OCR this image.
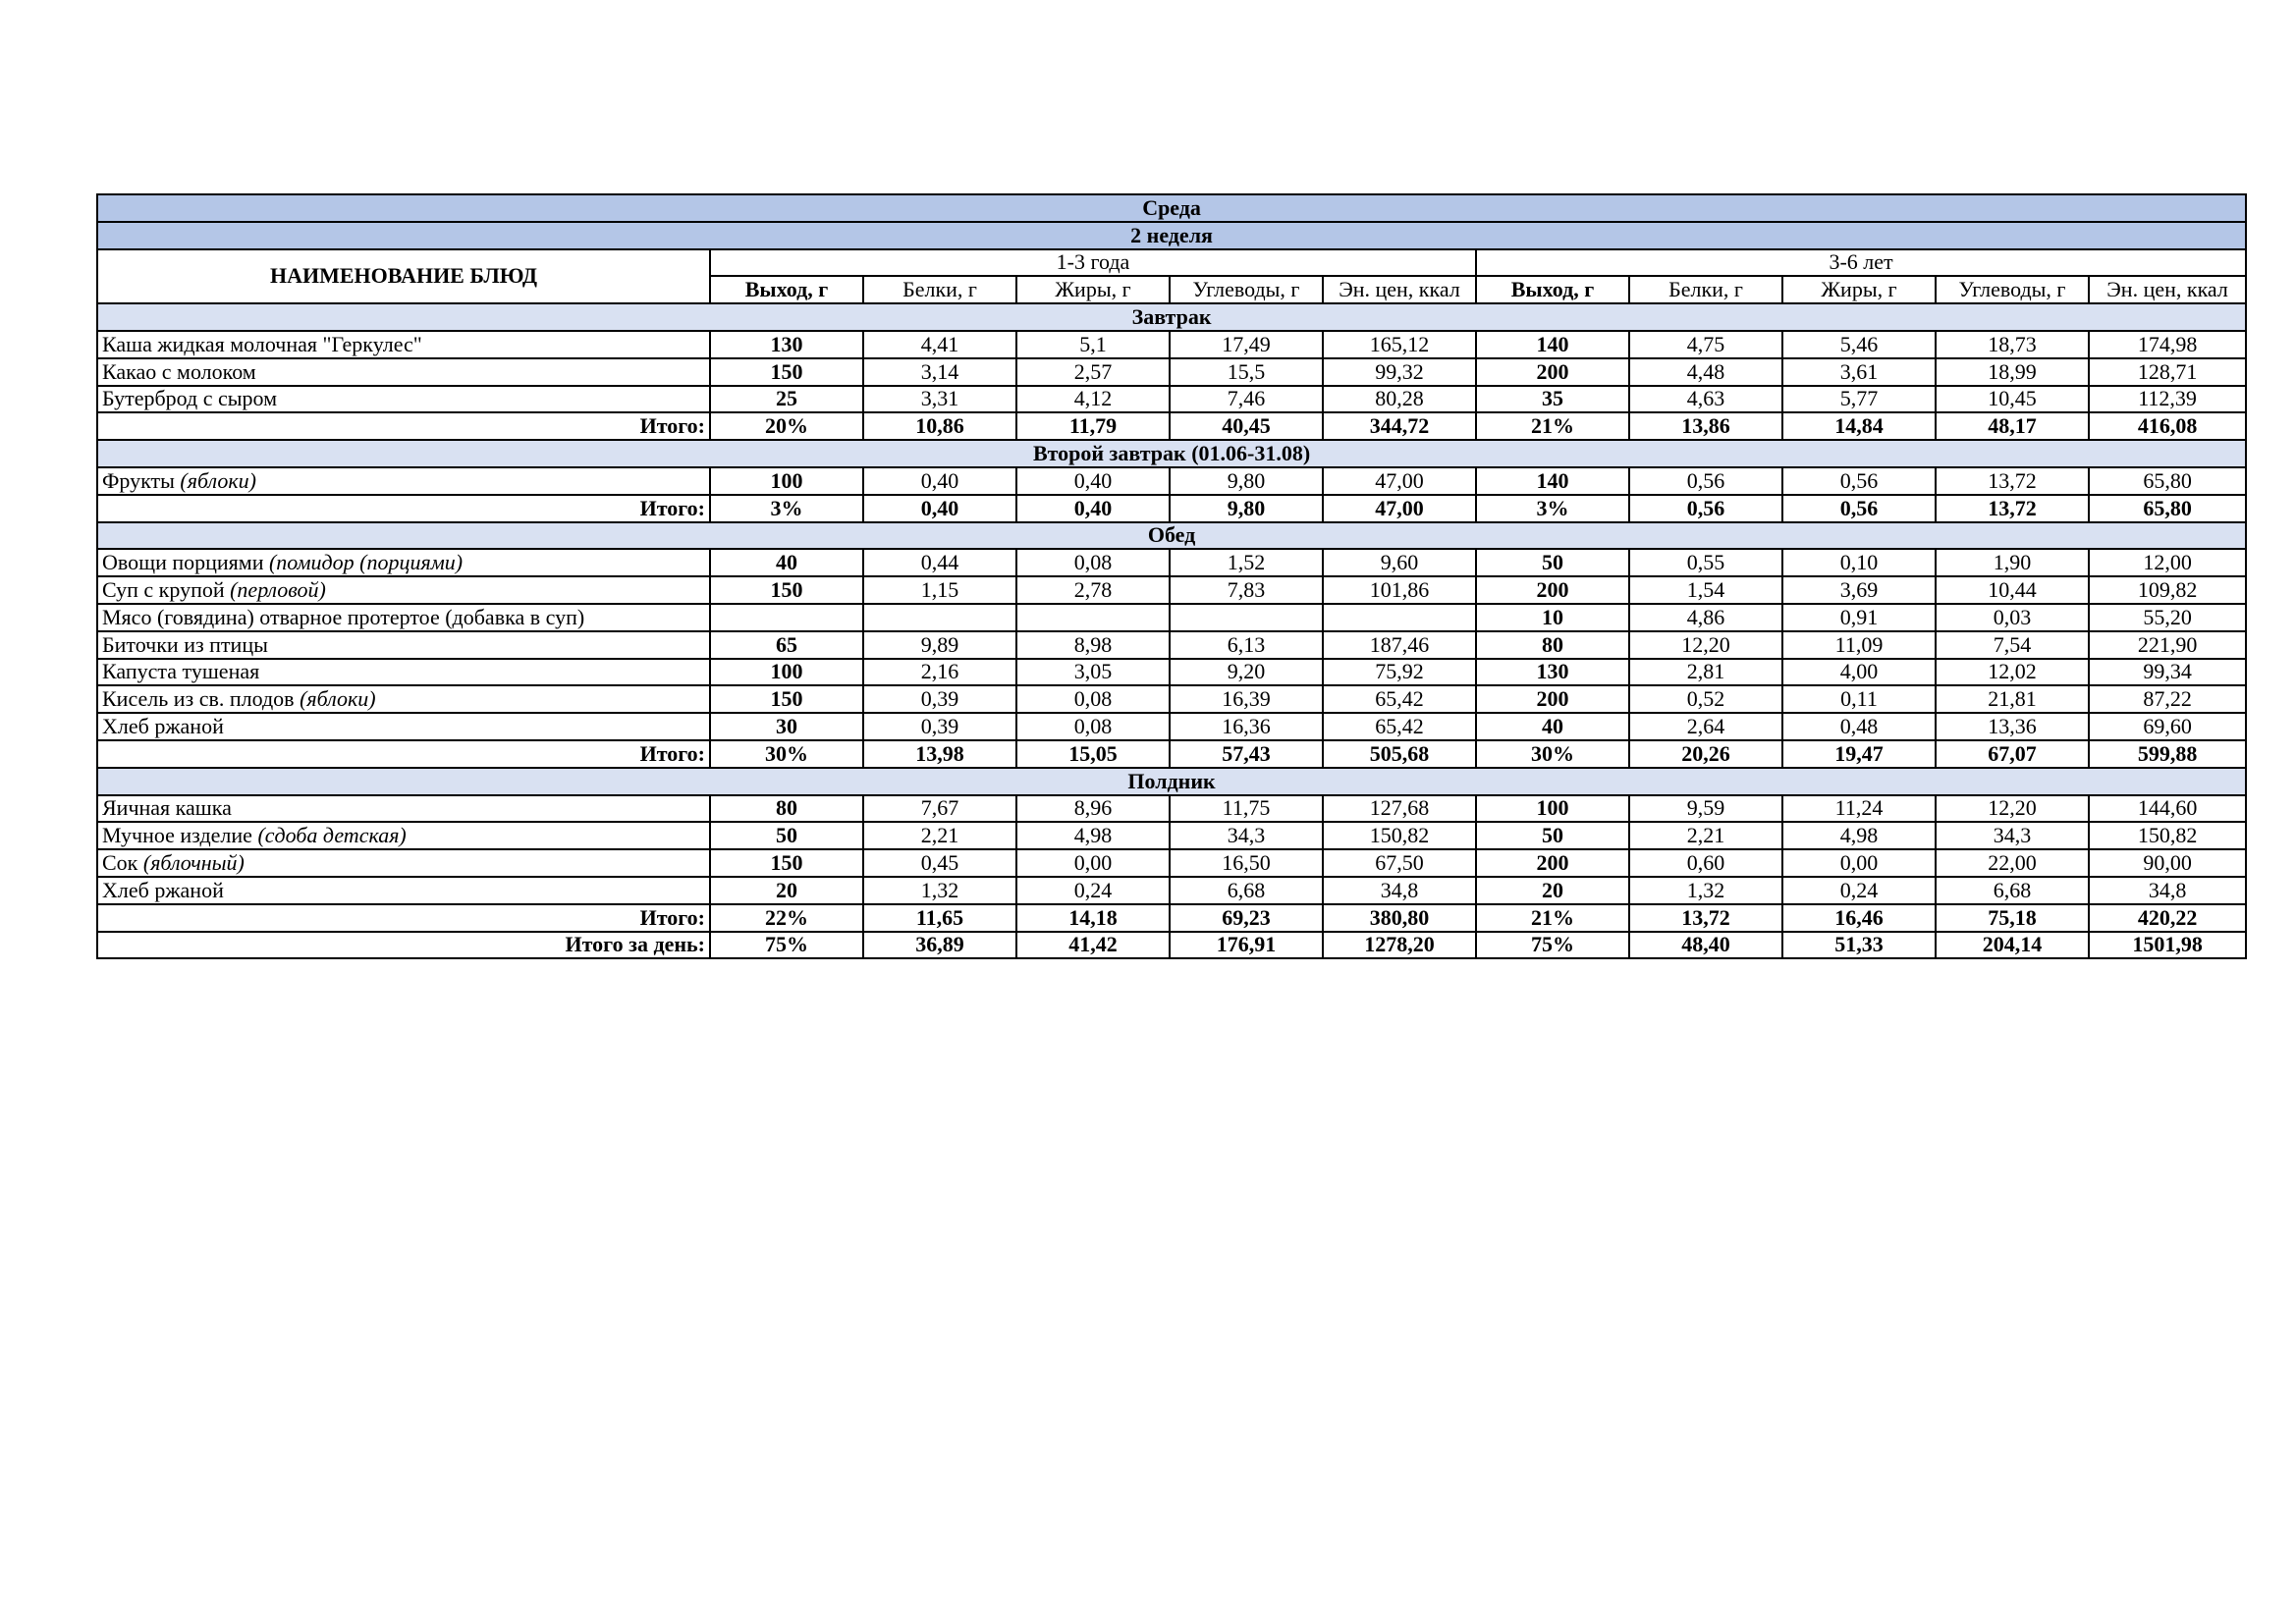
Среда										
2 неделя										
НАИМЕНОВАНИЕ БЛЮД	1-3 года					3-6 лет				
	Выход, г	Белки, г	Жиры, г	Углеводы, г	Эн. цен, ккал	Выход, г	Белки, г	Жиры, г	Углеводы, г	Эн. цен, ккал
Завтрак										
Каша жидкая молочная "Геркулес"	130	4,41	5,1	17,49	165,12	140	4,75	5,46	18,73	174,98
Какао с молоком	150	3,14	2,57	15,5	99,32	200	4,48	3,61	18,99	128,71
Бутерброд с сыром	25	3,31	4,12	7,46	80,28	35	4,63	5,77	10,45	112,39
Итого:	20%	10,86	11,79	40,45	344,72	21%	13,86	14,84	48,17	416,08
Второй завтрак (01.06-31.08)										
Фрукты (яблоки)	100	0,40	0,40	9,80	47,00	140	0,56	0,56	13,72	65,80
Итого:	3%	0,40	0,40	9,80	47,00	3%	0,56	0,56	13,72	65,80
Обед										
Овощи порциями (помидор (порциями)	40	0,44	0,08	1,52	9,60	50	0,55	0,10	1,90	12,00
Суп с крупой (перловой)	150	1,15	2,78	7,83	101,86	200	1,54	3,69	10,44	109,82
Мясо (говядина) отварное протертое (добавка в суп)						10	4,86	0,91	0,03	55,20
Биточки из птицы	65	9,89	8,98	6,13	187,46	80	12,20	11,09	7,54	221,90
Капуста тушеная	100	2,16	3,05	9,20	75,92	130	2,81	4,00	12,02	99,34
Кисель из св. плодов (яблоки)	150	0,39	0,08	16,39	65,42	200	0,52	0,11	21,81	87,22
Хлеб ржаной	30	0,39	0,08	16,36	65,42	40	2,64	0,48	13,36	69,60
Итого:	30%	13,98	15,05	57,43	505,68	30%	20,26	19,47	67,07	599,88
Полдник										
Яичная кашка	80	7,67	8,96	11,75	127,68	100	9,59	11,24	12,20	144,60
Мучное изделие (сдоба детская)	50	2,21	4,98	34,3	150,82	50	2,21	4,98	34,3	150,82
Сок (яблочный)	150	0,45	0,00	16,50	67,50	200	0,60	0,00	22,00	90,00
Хлеб ржаной	20	1,32	0,24	6,68	34,8	20	1,32	0,24	6,68	34,8
Итого:	22%	11,65	14,18	69,23	380,80	21%	13,72	16,46	75,18	420,22
Итого за день:	75%	36,89	41,42	176,91	1278,20	75%	48,40	51,33	204,14	1501,98
